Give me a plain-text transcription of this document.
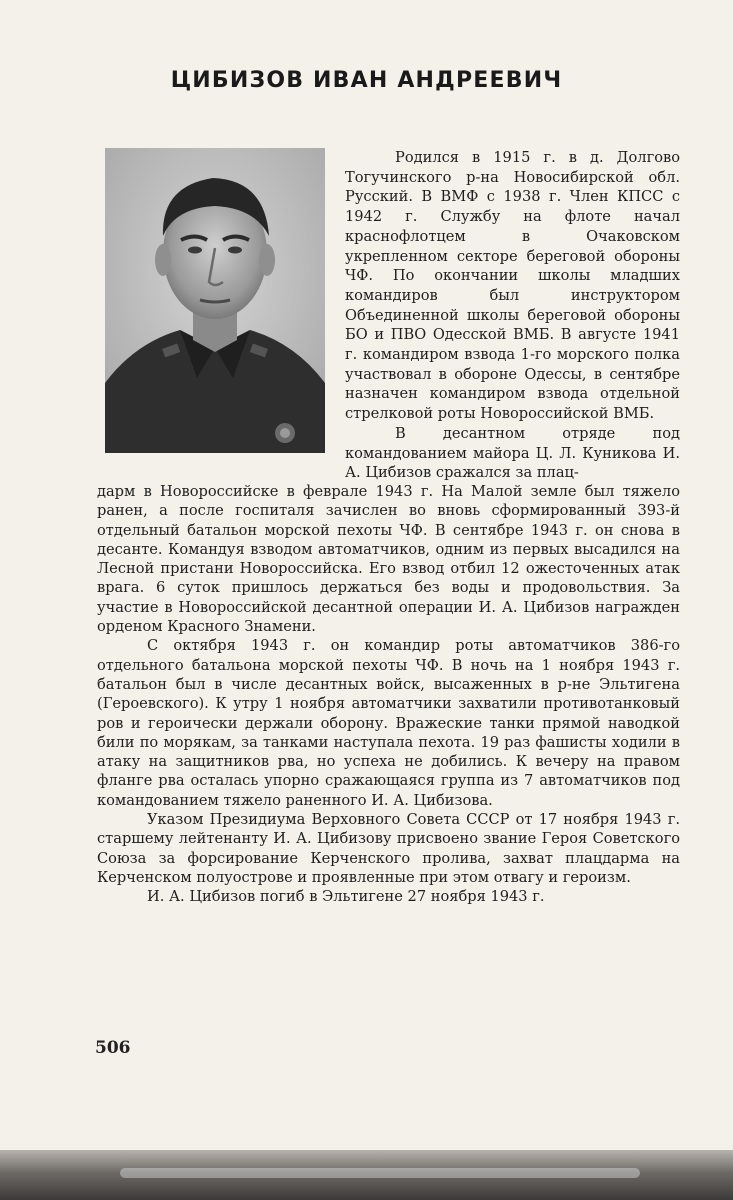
ЦИБИЗОВ ИВАН АНДРЕЕВИЧ

Родился в 1915 г. в д. Долгово Тогучинского р-на Новосибирской обл. Русский. В ВМФ с 1938 г. Член КПСС с 1942 г. Службу на флоте начал краснофлотцем в Очаковском укрепленном секторе береговой обороны ЧФ. По окончании школы младших командиров был инструктором Объединенной школы береговой обороны БО и ПВО Одесской ВМБ. В августе 1941 г. командиром взвода 1-го морского полка участвовал в обороне Одессы, в сентябре назначен командиром взвода отдельной стрелковой роты Новороссийской ВМБ.

В десантном отряде под командованием майора Ц. Л. Куникова И. А. Цибизов сражался за плац-

дарм в Новороссийске в феврале 1943 г. На Малой земле был тяжело ранен, а после госпиталя зачислен во вновь сформированный 393-й отдельный батальон морской пехоты ЧФ. В сентябре 1943 г. он снова в десанте. Командуя взводом автоматчиков, одним из первых высадился на Лесной пристани Новороссийска. Его взвод отбил 12 ожесточенных атак врага. 6 суток пришлось держаться без воды и продовольствия. За участие в Новороссийской десантной операции И. А. Цибизов награжден орденом Красного Знамени.

С октября 1943 г. он командир роты автоматчиков 386-го отдельного батальона морской пехоты ЧФ. В ночь на 1 ноября 1943 г. батальон был в числе десантных войск, высаженных в р-не Эльтигена (Героевского). К утру 1 ноября автоматчики захватили противотанковый ров и героически держали оборону. Вражеские танки прямой наводкой били по морякам, за танками наступала пехота. 19 раз фашисты ходили в атаку на защитников рва, но успеха не добились. К вечеру на правом фланге рва осталась упорно сражающаяся группа из 7 автоматчиков под командованием тяжело раненного И. А. Цибизова.

Указом Президиума Верховного Совета СССР от 17 ноября 1943 г. старшему лейтенанту И. А. Цибизову присвоено звание Героя Советского Союза за форсирование Керченского пролива, захват плацдарма на Керченском полуострове и проявленные при этом отвагу и героизм.

И. А. Цибизов погиб в Эльтигене 27 ноября 1943 г.

506
